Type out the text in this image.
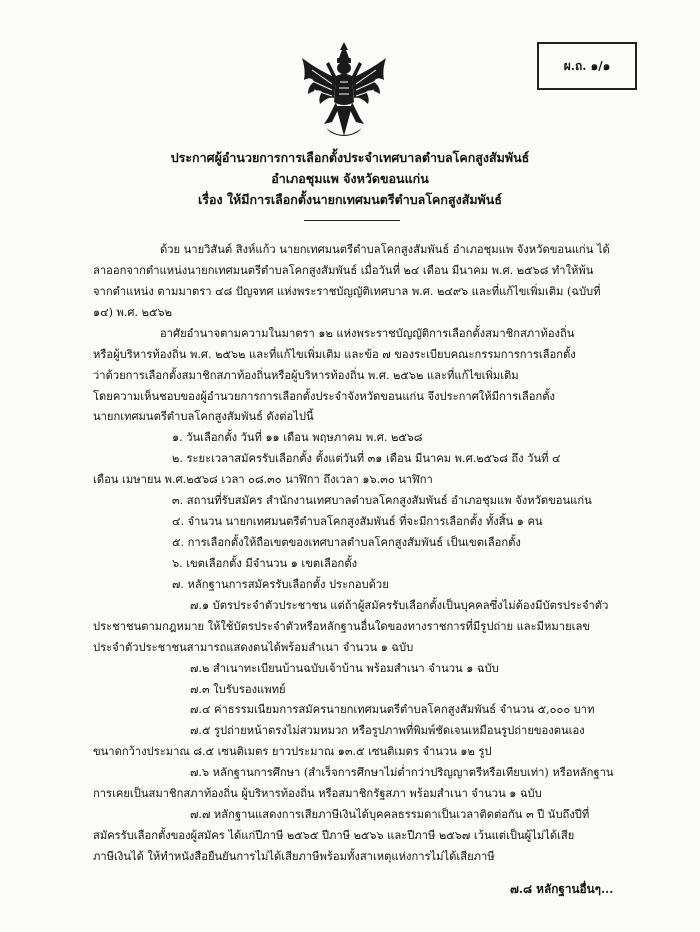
ผ.ถ. ๑/๑
ประกาศผู้อำนวยการการเลือกตั้งประจำเทศบาลตำบลโคกสูงสัมพันธ์
อำเภอชุมแพ จังหวัดขอนแก่น
เรื่อง ให้มีการเลือกตั้งนายกเทศมนตรีตำบลโคกสูงสัมพันธ์
ด้วย นายวิสันต์ สิงห์แก้ว นายกเทศมนตรีตำบลโคกสูงสัมพันธ์ อำเภอชุมแพ จังหวัดขอนแก่น ได้
ลาออกจากตำแหน่งนายกเทศมนตรีตำบลโคกสูงสัมพันธ์ เมื่อวันที่ ๒๔ เดือน มีนาคม พ.ศ. ๒๕๖๘ ทำให้พ้น
จากตำแหน่ง ตามมาตรา ๔๘ ปัญจทศ แห่งพระราชบัญญัติเทศบาล พ.ศ. ๒๔๙๖ และที่แก้ไขเพิ่มเติม (ฉบับที่
๑๔) พ.ศ. ๒๕๖๒
อาศัยอำนาจตามความในมาตรา ๑๒ แห่งพระราชบัญญัติการเลือกตั้งสมาชิกสภาท้องถิ่น
หรือผู้บริหารท้องถิ่น พ.ศ. ๒๕๖๒ และที่แก้ไขเพิ่มเติม และข้อ ๗ ของระเบียบคณะกรรมการการเลือกตั้ง
ว่าด้วยการเลือกตั้งสมาชิกสภาท้องถิ่นหรือผู้บริหารท้องถิ่น พ.ศ. ๒๕๖๒ และที่แก้ไขเพิ่มเติม
โดยความเห็นชอบของผู้อำนวยการการเลือกตั้งประจำจังหวัดขอนแก่น จึงประกาศให้มีการเลือกตั้ง
นายกเทศมนตรีตำบลโคกสูงสัมพันธ์ ดังต่อไปนี้
๑. วันเลือกตั้ง วันที่ ๑๑ เดือน พฤษภาคม พ.ศ. ๒๕๖๘
๒. ระยะเวลาสมัครรับเลือกตั้ง ตั้งแต่วันที่ ๓๑ เดือน มีนาคม พ.ศ.๒๕๖๘ ถึง วันที่ ๔
เดือน เมษายน พ.ศ.๒๕๖๘ เวลา ๐๘.๓๐ นาฬิกา ถึงเวลา ๑๖.๓๐ นาฬิกา
๓. สถานที่รับสมัคร สำนักงานเทศบาลตำบลโคกสูงสัมพันธ์ อำเภอชุมแพ จังหวัดขอนแก่น
๔. จำนวน นายกเทศมนตรีตำบลโคกสูงสัมพันธ์ ที่จะมีการเลือกตั้ง ทั้งสิ้น ๑ คน
๕. การเลือกตั้งให้ถือเขตของเทศบาลตำบลโคกสูงสัมพันธ์ เป็นเขตเลือกตั้ง
๖. เขตเลือกตั้ง มีจำนวน ๑ เขตเลือกตั้ง
๗. หลักฐานการสมัครรับเลือกตั้ง ประกอบด้วย
๗.๑ บัตรประจำตัวประชาชน แต่ถ้าผู้สมัครรับเลือกตั้งเป็นบุคคลซึ่งไม่ต้องมีบัตรประจำตัว
ประชาชนตามกฎหมาย ให้ใช้บัตรประจำตัวหรือหลักฐานอื่นใดของทางราชการที่มีรูปถ่าย และมีหมายเลข
ประจำตัวประชาชนสามารถแสดงตนได้พร้อมสำเนา จำนวน ๑ ฉบับ
๗.๒ สำเนาทะเบียนบ้านฉบับเจ้าบ้าน พร้อมสำเนา จำนวน ๑ ฉบับ
๗.๓ ใบรับรองแพทย์
๗.๔ ค่าธรรมเนียมการสมัครนายกเทศมนตรีตำบลโคกสูงสัมพันธ์ จำนวน ๕,๐๐๐ บาท
๗.๕ รูปถ่ายหน้าตรงไม่สวมหมวก หรือรูปภาพที่พิมพ์ชัดเจนเหมือนรูปถ่ายของตนเอง
ขนาดกว้างประมาณ ๘.๕ เซนติเมตร ยาวประมาณ ๑๓.๕ เซนติเมตร จำนวน ๑๒ รูป
๗.๖ หลักฐานการศึกษา (สำเร็จการศึกษาไม่ต่ำกว่าปริญญาตรีหรือเทียบเท่า) หรือหลักฐาน
การเคยเป็นสมาชิกสภาท้องถิ่น ผู้บริหารท้องถิ่น หรือสมาชิกรัฐสภา พร้อมสำเนา จำนวน ๑ ฉบับ
๗.๗ หลักฐานแสดงการเสียภาษีเงินได้บุคคลธรรมดาเป็นเวลาติดต่อกัน ๓ ปี นับถึงปีที่
สมัครรับเลือกตั้งของผู้สมัคร ได้แก่ปีภาษี ๒๕๖๕ ปีภาษี ๒๕๖๖ และปีภาษี ๒๕๖๗ เว้นแต่เป็นผู้ไม่ได้เสีย
ภาษีเงินได้ ให้ทำหนังสือยืนยันการไม่ได้เสียภาษีพร้อมทั้งสาเหตุแห่งการไม่ได้เสียภาษี
๗.๘ หลักฐานอื่นๆ...
